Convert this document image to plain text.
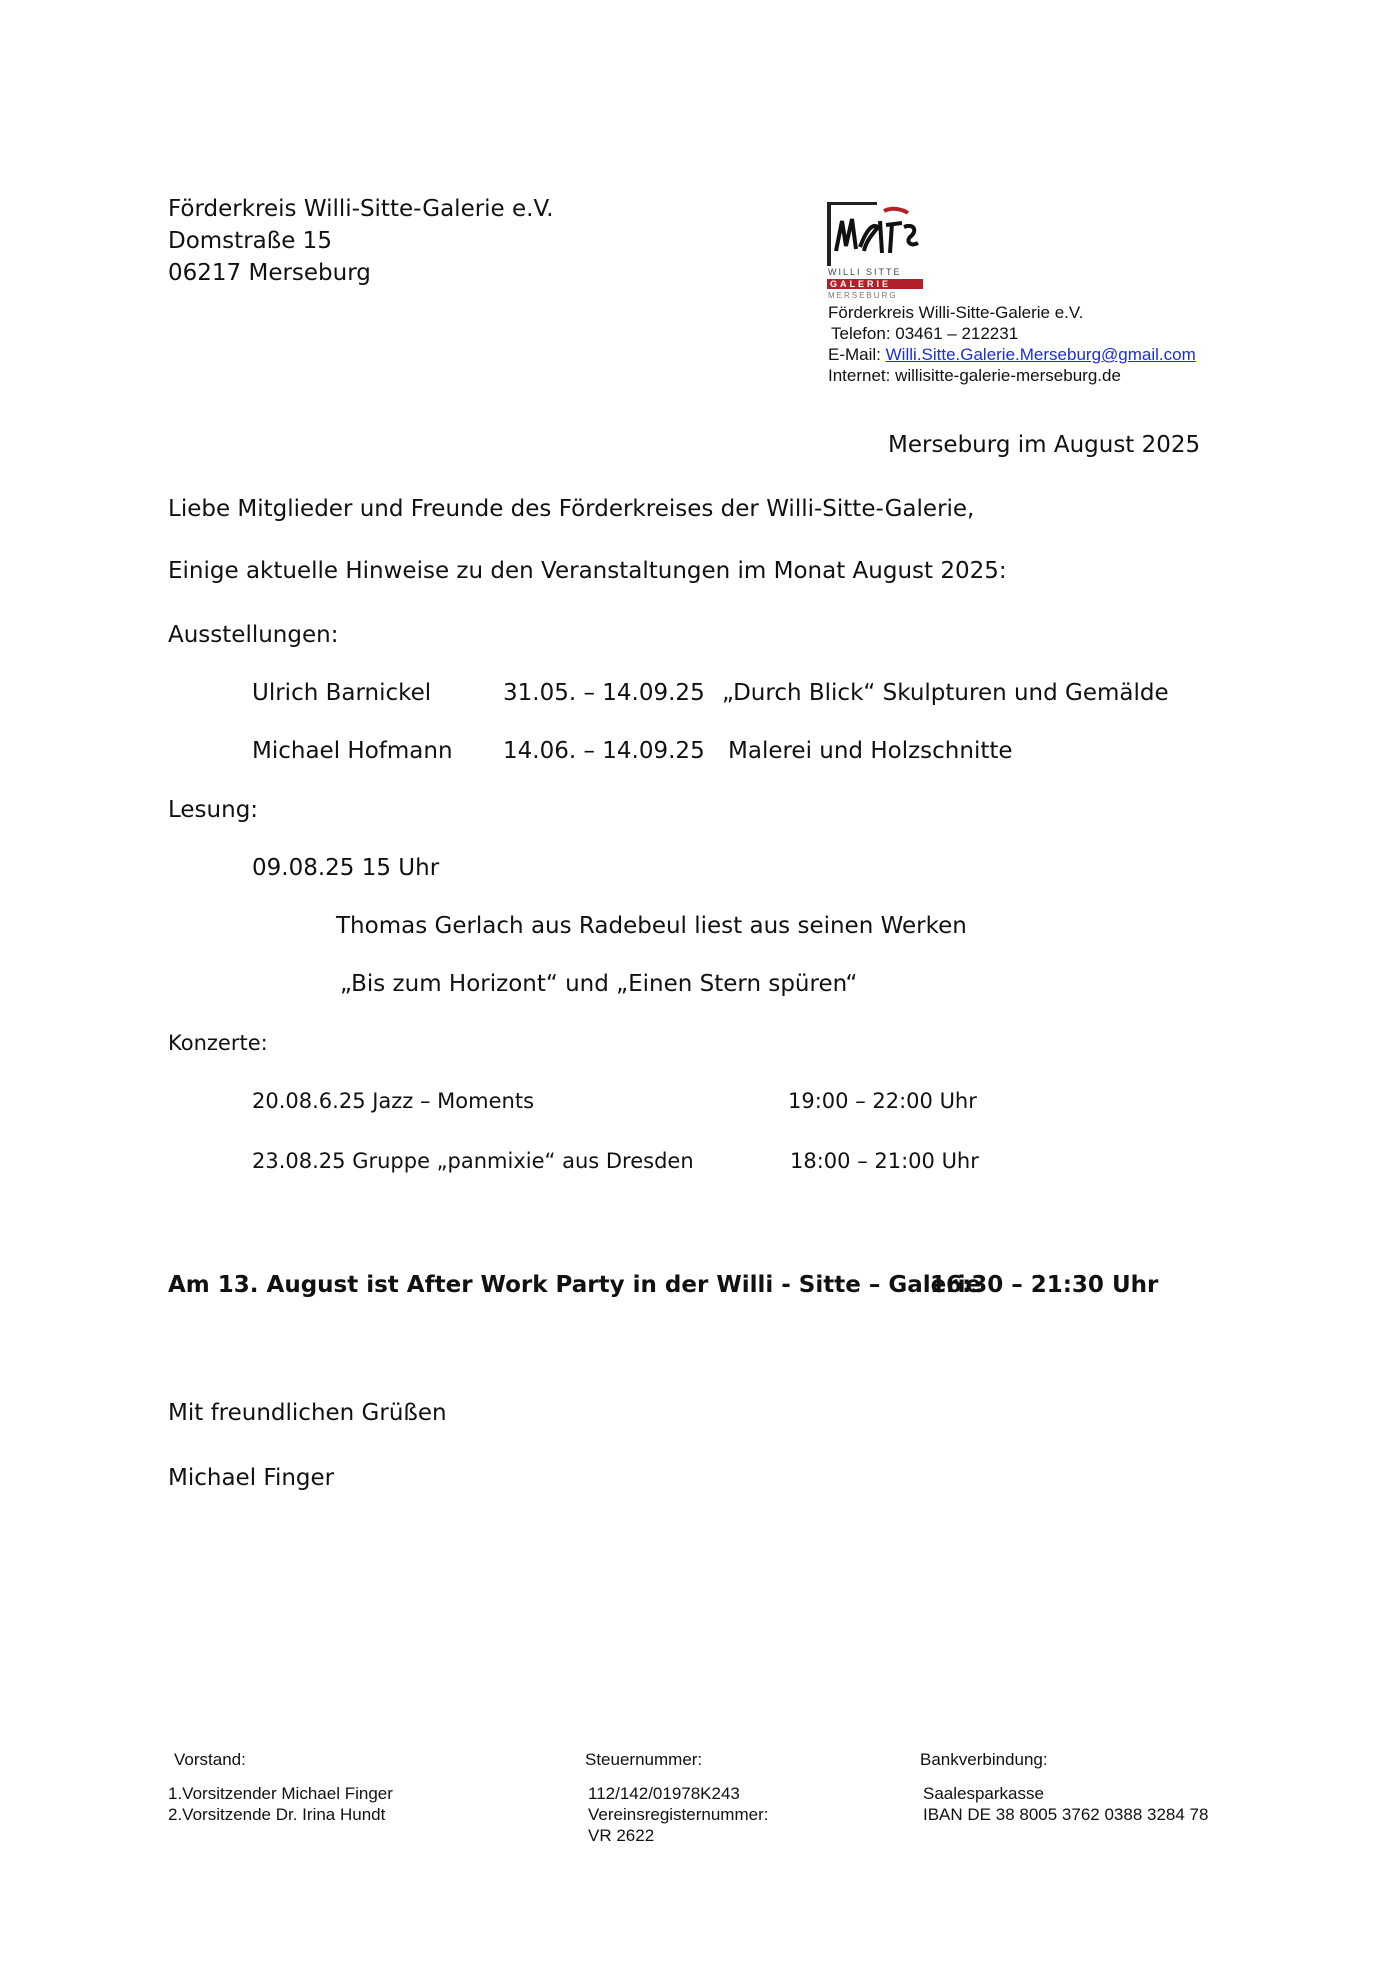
Förderkreis Willi-Sitte-Galerie e.V.
Domstraße 15
06217 Merseburg	WILLI SITTE
GALERIE
MERSEBURG
Förderkreis Willi-Sitte-Galerie e.V.
Telefon: 03461 – 212231
E-Mail: Willi.Sitte.Galerie.Merseburg@gmail.com
Internet: willisitte-galerie-merseburg.de
Merseburg im August 2025
Liebe Mitglieder und Freunde des Förderkreises der Willi-Sitte-Galerie,
Einige aktuelle Hinweise zu den Veranstaltungen im Monat August 2025:
Ausstellungen:
Ulrich Barnickel	31.05. – 14.09.25 „Durch Blick“ Skulpturen und Gemälde
Michael Hofmann 14.06. – 14.09.25 Malerei und Holzschnitte
Lesung:
09.08.25 15 Uhr
Thomas Gerlach aus Radebeul liest aus seinen Werken
„Bis zum Horizont“ und „Einen Stern spüren“
Konzerte:
20.08.6.25 Jazz – Moments	19:00 – 22:00 Uhr
23.08.25 Gruppe „panmixie“ aus Dresden	18:00 – 21:00 Uhr
Am 13. August ist After Work Party in der Willi - Sitte – Galerie
16:30 – 21:30 Uhr
Mit freundlichen Grüßen
Michael Finger
Vorstand:
1.Vorsitzender Michael Finger
2.Vorsitzende Dr. Irina Hundt
Steuernummer:
112/142/01978K243
Vereinsregisternummer:
VR 2622
Bankverbindung:
Saalesparkasse
IBAN DE 38 8005 3762 0388 3284 78
